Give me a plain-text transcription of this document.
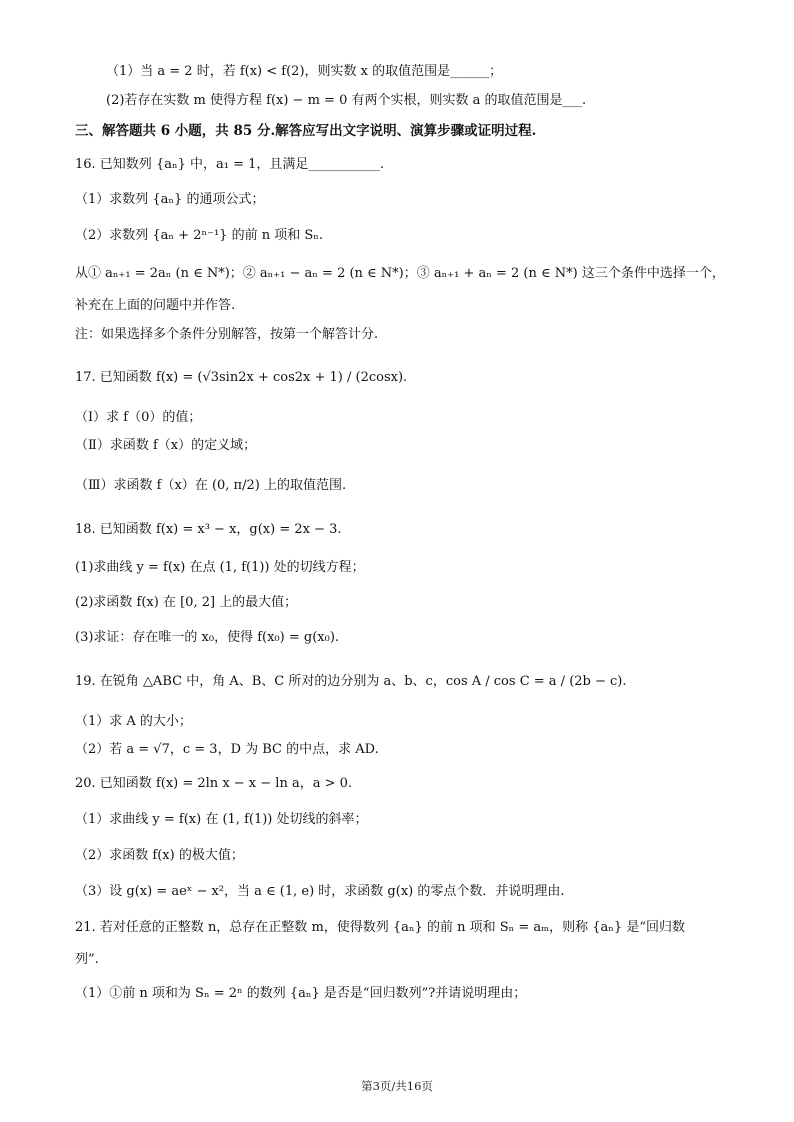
（1）当 a = 2 时，若 f(x) < f(2)，则实数 x 的取值范围是______；
(2)若存在实数 m 使得方程 f(x) − m = 0 有两个实根，则实数 a 的取值范围是___.
三、解答题共 6 小题，共 85 分.解答应写出文字说明、演算步骤或证明过程.
16. 已知数列 {aₙ} 中，a₁ = 1，且满足___________.
（1）求数列 {aₙ} 的通项公式；
（2）求数列 {aₙ + 2ⁿ⁻¹} 的前 n 项和 Sₙ.
从① aₙ₊₁ = 2aₙ (n ∈ N*)；② aₙ₊₁ − aₙ = 2 (n ∈ N*)；③ aₙ₊₁ + aₙ = 2 (n ∈ N*) 这三个条件中选择一个，
补充在上面的问题中并作答.
注：如果选择多个条件分别解答，按第一个解答计分.
17. 已知函数 f(x) = (√3sin2x + cos2x + 1) / (2cosx).
（Ⅰ）求 f（0）的值；
（Ⅱ）求函数 f（x）的定义域；
（Ⅲ）求函数 f（x）在 (0, π/2) 上的取值范围.
18. 已知函数 f(x) = x³ − x，g(x) = 2x − 3.
(1)求曲线 y = f(x) 在点 (1, f(1)) 处的切线方程；
(2)求函数 f(x) 在 [0, 2] 上的最大值；
(3)求证：存在唯一的 x₀，使得 f(x₀) = g(x₀).
19. 在锐角 △ABC 中，角 A、B、C 所对的边分别为 a、b、c，cos A / cos C = a / (2b − c).
（1）求 A 的大小；
（2）若 a = √7，c = 3，D 为 BC 的中点，求 AD.
20. 已知函数 f(x) = 2ln x − x − ln a，a > 0.
（1）求曲线 y = f(x) 在 (1, f(1)) 处切线的斜率；
（2）求函数 f(x) 的极大值；
（3）设 g(x) = aeˣ − x²，当 a ∈ (1, e) 时，求函数 g(x) 的零点个数．并说明理由.
21. 若对任意的正整数 n，总存在正整数 m，使得数列 {aₙ} 的前 n 项和 Sₙ = aₘ，则称 {aₙ} 是“回归数
列”.
（1）①前 n 项和为 Sₙ = 2ⁿ 的数列 {aₙ} 是否是“回归数列”?并请说明理由；
第3页/共16页
